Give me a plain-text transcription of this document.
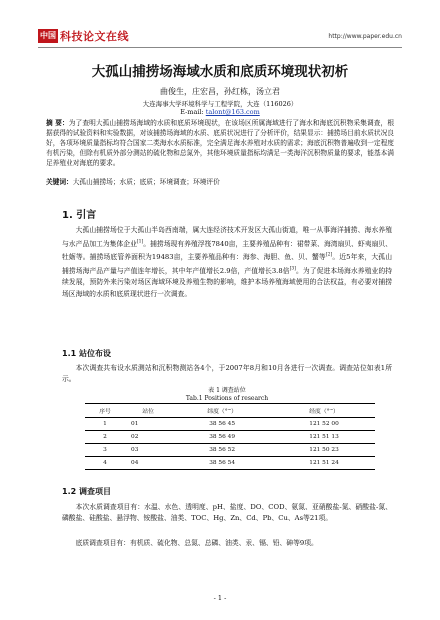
中国 科技论文在线	http://www.paper.edu.cn
大孤山捕捞场海域水质和底质环境现状初析
曲俊生，庄宏昌，孙红栋，汤立君
大连海事大学环境科学与工程学院，大连（116026）
E-mail: talont@163.com
摘 要：为了查明大孤山捕捞场海域的水质和底质环境现状，在该场区所属海域进行了海水和海底沉积物采集调查，根据获得的试验资料和实验数据，对该捕捞场海域的水质、底质状况进行了分析评价，结果显示：捕捞场目前水质状况良好，各项环境质量指标均符合国家二类海水水质标准，完全满足海水养殖对水质的需求；海底沉积物普遍收到一定程度有机污染，但除有机质外部分测站的硫化物和总氮外，其他环境质量指标均满足一类海洋沉积物质量的要求，能基本满足养殖业对海底的要求。
关键词：大孤山捕捞场；水质；底质；环境调查；环境评价
1. 引言
大孤山捕捞场位于大孤山半岛西南端，属大连经济技术开发区大孤山街道，唯一从事海洋捕捞、海水养殖与水产品加工为集体企业[1]。捕捞场现有养殖浮筏7840亩，主要养殖品种有：裙带菜、海湾扇贝、虾夷扇贝、牡蛎等。捕捞场底管养面积为19483亩，主要养殖品种有：海参、海胆、鱼、贝、蟹等[2]。近5年来，大孤山捕捞场海产品产量与产值连年增长，其中年产值增长2.9倍，产值增长3.8倍[3]。为了促进本场海水养殖业的持续发展，预防外来污染对场区海域环境及养殖生物的影响，维护本场养殖海域使用的合法权益，有必要对捕捞场区海域的水质和底质现状进行一次调查。
1.1 站位布设
本次调查共布设水质测站和沉积物测站各4个，于2007年8月和10月各进行一次调查。调查站位如表1所示。
表 1 调查站位
Tab.1 Positions of research
序号	站位	纬度（°′″）	经度（°′″）
1	01	38 56 45	121 52 00
2	02	38 56 49	121 51 13
3	03	38 56 52	121 50 23
4	04	38 56 54	121 51 24
1.2 调查项目
本次水质调查项目有：水温、水色、透明度、pH、盐度、DO、COD、氨氮、亚硝酸盐-氮、硝酸盐-氮、磷酸盐、硅酸盐、悬浮物、铵酸盐、油类、TOC、Hg、Zn、Cd、Pb、Cu、As等21项。
底质调查项目有：有机质、硫化物、总氮、总磷、油类、汞、镉、铅、砷等9项。
- 1 -
